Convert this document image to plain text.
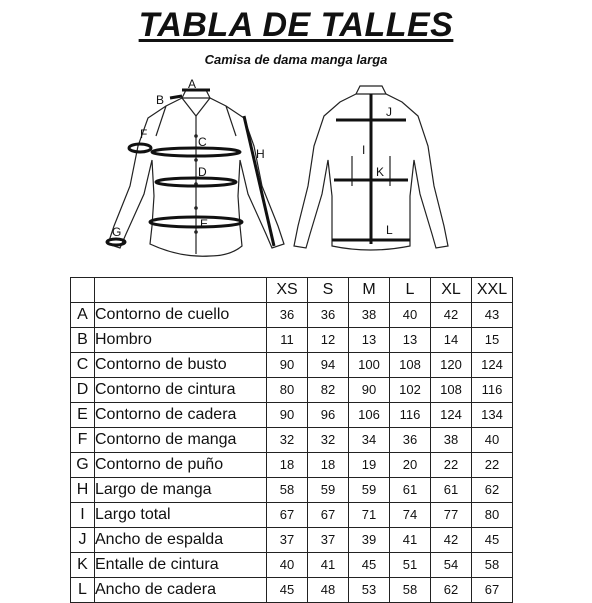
TABLA DE TALLES
Camisa de dama manga larga
A
B
C
D
E
F
G
H
J
I
K
L
		XS	S	M	L	XL	XXL
A	Contorno de cuello	36	36	38	40	42	43
B	Hombro	11	12	13	13	14	15
C	Contorno de busto	90	94	100	108	120	124
D	Contorno de cintura	80	82	90	102	108	116
E	Contorno de cadera	90	96	106	116	124	134
F	Contorno de manga	32	32	34	36	38	40
G	Contorno de puño	18	18	19	20	22	22
H	Largo de manga	58	59	59	61	61	62
I	Largo total	67	67	71	74	77	80
J	Ancho de espalda	37	37	39	41	42	45
K	Entalle de cintura	40	41	45	51	54	58
L	Ancho de cadera	45	48	53	58	62	67
